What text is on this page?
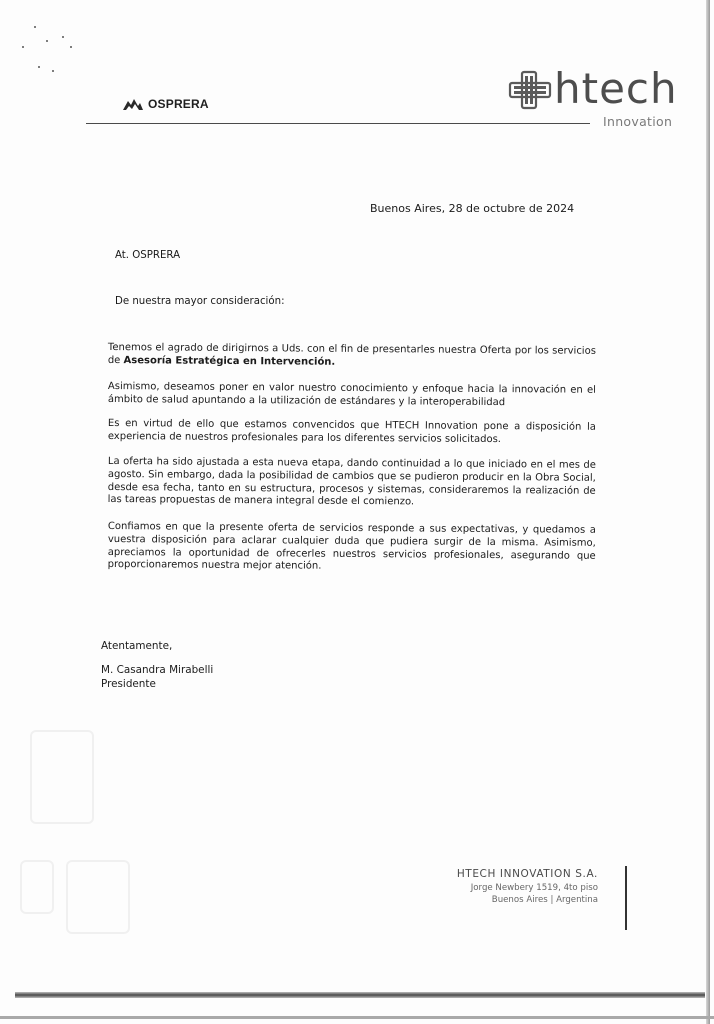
OSPRERA	htech
Innovation
Buenos Aires, 28 de octubre de 2024
At. OSPRERA
De nuestra mayor consideración:
Tenemos el agrado de dirigirnos a Uds. con el fin de presentarles nuestra Oferta por los servicios de Asesoría Estratégica en Intervención.
Asimismo, deseamos poner en valor nuestro conocimiento y enfoque hacia la innovación en el ámbito de salud apuntando a la utilización de estándares y la interoperabilidad
Es en virtud de ello que estamos convencidos que HTECH Innovation pone a disposición la experiencia de nuestros profesionales para los diferentes servicios solicitados.
La oferta ha sido ajustada a esta nueva etapa, dando continuidad a lo que iniciado en el mes de agosto. Sin embargo, dada la posibilidad de cambios que se pudieron producir en la Obra Social, desde esa fecha, tanto en su estructura, procesos y sistemas, consideraremos la realización de las tareas propuestas de manera integral desde el comienzo.
Confiamos en que la presente oferta de servicios responde a sus expectativas, y quedamos a vuestra disposición para aclarar cualquier duda que pudiera surgir de la misma. Asimismo, apreciamos la oportunidad de ofrecerles nuestros servicios profesionales, asegurando que proporcionaremos nuestra mejor atención.
Atentamente,
M. Casandra Mirabelli
Presidente
HTECH INNOVATION S.A.
Jorge Newbery 1519, 4to piso
Buenos Aires | Argentina
